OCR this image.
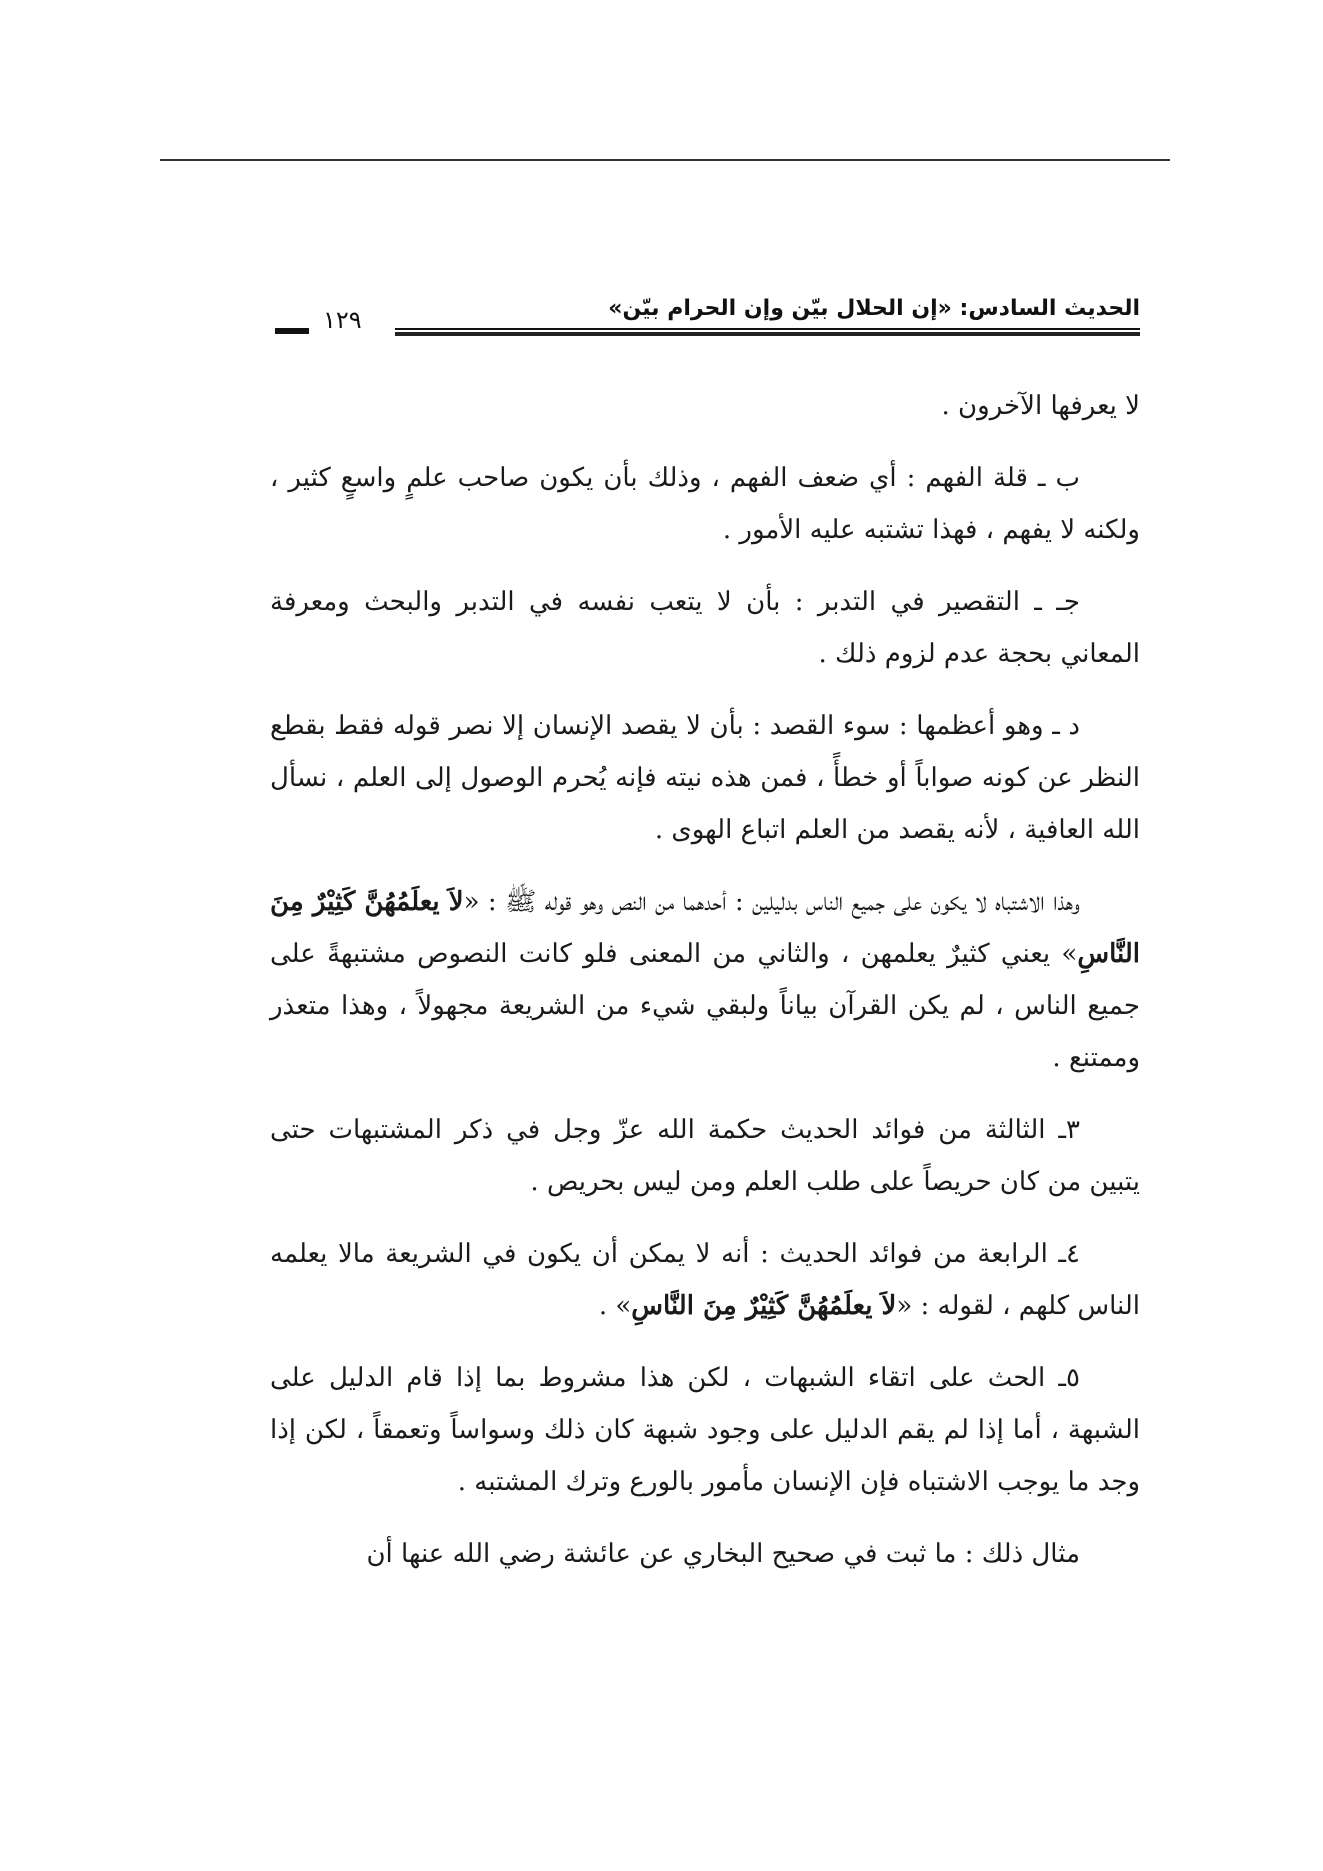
الحديث السادس: «إن الحلال بيّن وإن الحرام بيّن»
١٢٩

لا يعرفها الآخرون .

ب ـ قلة الفهم : أي ضعف الفهم ، وذلك بأن يكون صاحب علمٍ واسعٍ كثير ، ولكنه لا يفهم ، فهذا تشتبه عليه الأمور .

جـ ـ التقصير في التدبر : بأن لا يتعب نفسه في التدبر والبحث ومعرفة المعاني بحجة عدم لزوم ذلك .

د ـ وهو أعظمها : سوء القصد : بأن لا يقصد الإنسان إلا نصر قوله فقط بقطع النظر عن كونه صواباً أو خطأً ، فمن هذه نيته فإنه يُحرم الوصول إلى العلم ، نسأل الله العافية ، لأنه يقصد من العلم اتباع الهوى .

وهذا الاشتباه لا يكون على جميع الناس بدليلين : أحدهما من النص وهو قوله ﷺ : «لاَ يعلَمُهُنَّ كَثِيْرٌ مِنَ النَّاسِ» يعني كثيرٌ يعلمهن ، والثاني من المعنى فلو كانت النصوص مشتبهةً على جميع الناس ، لم يكن القرآن بياناً ولبقي شيء من الشريعة مجهولاً ، وهذا متعذر وممتنع .

٣ـ الثالثة من فوائد الحديث حكمة الله عزّ وجل في ذكر المشتبهات حتى يتبين من كان حريصاً على طلب العلم ومن ليس بحريص .

٤ـ الرابعة من فوائد الحديث : أنه لا يمكن أن يكون في الشريعة مالا يعلمه الناس كلهم ، لقوله : «لاَ يعلَمُهُنَّ كَثِيْرٌ مِنَ النَّاسِ» .

٥ـ الحث على اتقاء الشبهات ، لكن هذا مشروط بما إذا قام الدليل على الشبهة ، أما إذا لم يقم الدليل على وجود شبهة كان ذلك وسواساً وتعمقاً ، لكن إذا وجد ما يوجب الاشتباه فإن الإنسان مأمور بالورع وترك المشتبه .

مثال ذلك : ما ثبت في صحيح البخاري عن عائشة رضي الله عنها أن
